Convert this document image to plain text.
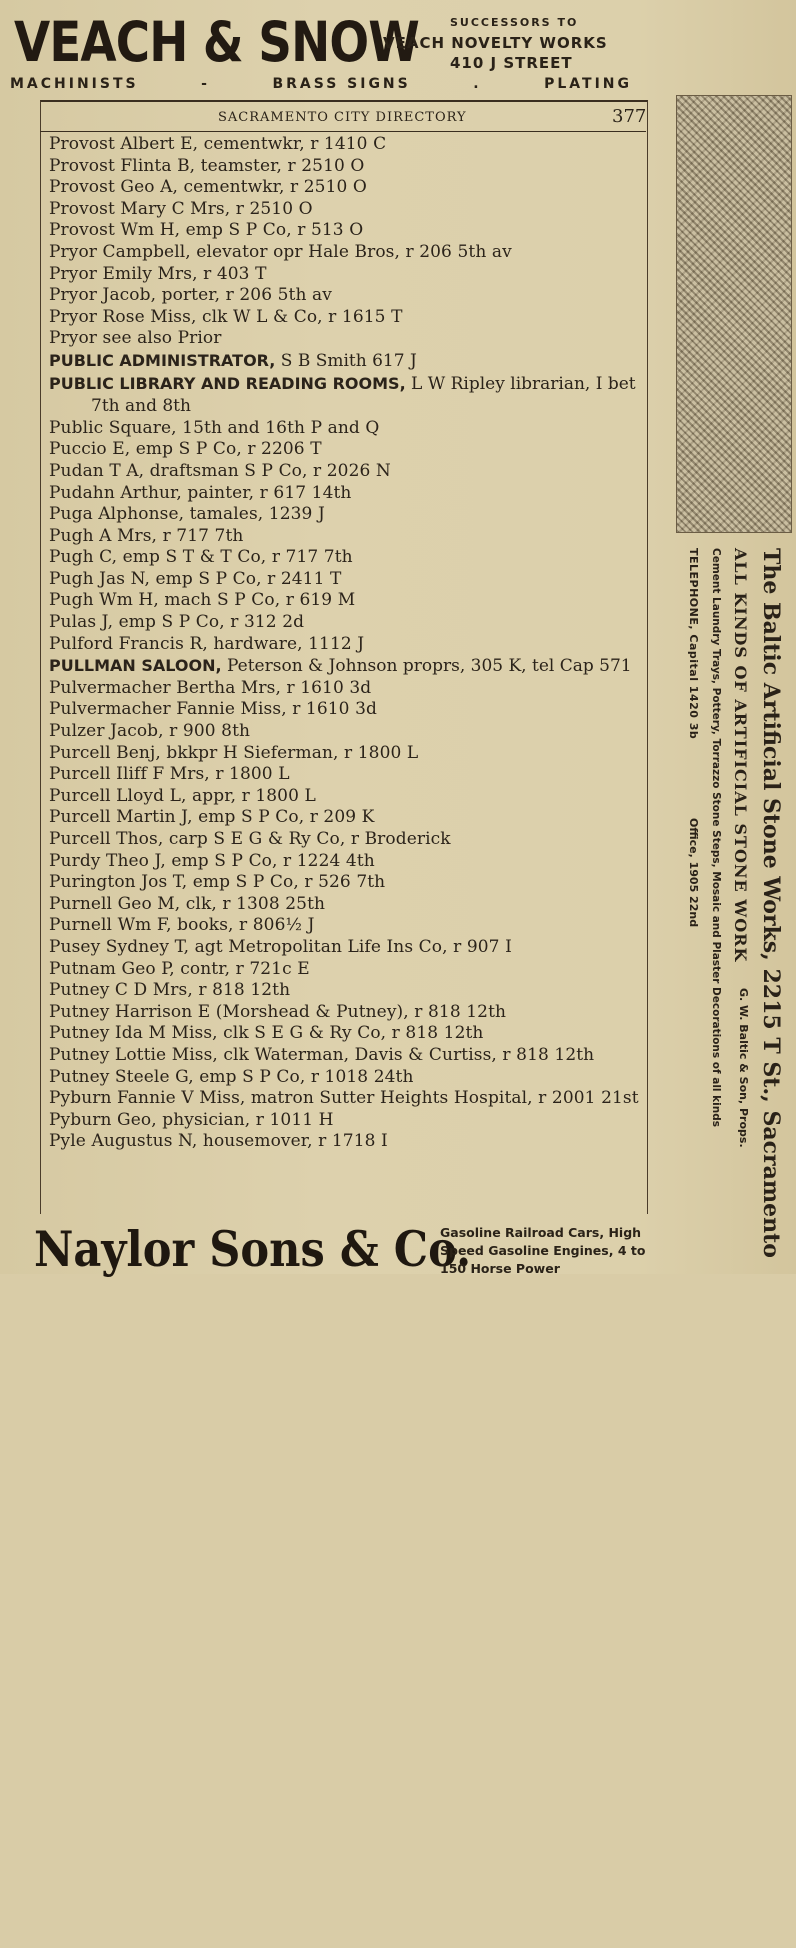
VEACH & SNOW	SUCCESSORS TO
VEACH NOVELTY WORKS
410 J STREET
MACHINISTS	-	BRASS SIGNS	.	PLATING
SACRAMENTO CITY DIRECTORY	377
Provost Albert E, cementwkr, r 1410 C
Provost Flinta B, teamster, r 2510 O
Provost Geo A, cementwkr, r 2510 O
Provost Mary C Mrs, r 2510 O
Provost Wm H, emp S P Co, r 513 O
Pryor Campbell, elevator opr Hale Bros, r 206 5th av
Pryor Emily Mrs, r 403 T
Pryor Jacob, porter, r 206 5th av
Pryor Rose Miss, clk W L & Co, r 1615 T
Pryor see also Prior
PUBLIC ADMINISTRATOR, S B Smith 617 J
PUBLIC LIBRARY AND READING ROOMS, L W Ripley librarian, I bet 7th and 8th
Public Square, 15th and 16th P and Q
Puccio E, emp S P Co, r 2206 T
Pudan T A, draftsman S P Co, r 2026 N
Pudahn Arthur, painter, r 617 14th
Puga Alphonse, tamales, 1239 J
Pugh A Mrs, r 717 7th
Pugh C, emp S T & T Co, r 717 7th
Pugh Jas N, emp S P Co, r 2411 T
Pugh Wm H, mach S P Co, r 619 M
Pulas J, emp S P Co, r 312 2d
Pulford Francis R, hardware, 1112 J
PULLMAN SALOON, Peterson & Johnson proprs, 305 K, tel Cap 571
Pulvermacher Bertha Mrs, r 1610 3d
Pulvermacher Fannie Miss, r 1610 3d
Pulzer Jacob, r 900 8th
Purcell Benj, bkkpr H Sieferman, r 1800 L
Purcell Iliff F Mrs, r 1800 L
Purcell Lloyd L, appr, r 1800 L
Purcell Martin J, emp S P Co, r 209 K
Purcell Thos, carp S E G & Ry Co, r Broderick
Purdy Theo J, emp S P Co, r 1224 4th
Purington Jos T, emp S P Co, r 526 7th
Purnell Geo M, clk, r 1308 25th
Purnell Wm F, books, r 806½ J
Pusey Sydney T, agt Metropolitan Life Ins Co, r 907 I
Putnam Geo P, contr, r 721c E
Putney C D Mrs, r 818 12th
Putney Harrison E (Morshead & Putney), r 818 12th
Putney Ida M Miss, clk S E G & Ry Co, r 818 12th
Putney Lottie Miss, clk Waterman, Davis & Curtiss, r 818 12th
Putney Steele G, emp S P Co, r 1018 24th
Pyburn Fannie V Miss, matron Sutter Heights Hospital, r 2001 21st
Pyburn Geo, physician, r 1011 H
Pyle Augustus N, housemover, r 1718 I	The Baltic Artificial Stone Works, 2215 T St., Sacramento
ALL KINDS OF ARTIFICIAL STONE WORK
G. W. Baltic & Son, Props.
Cement Laundry Trays, Pottery, Torrazzo Stone Steps, Mosaic and Plaster Decorations of all kinds
TELEPHONE, Capital 1420 3b
Office, 1905 22nd
Naylor Sons & Co.
Gasoline Railroad Cars, High Speed Gasoline Engines, 4 to 150 Horse Power
